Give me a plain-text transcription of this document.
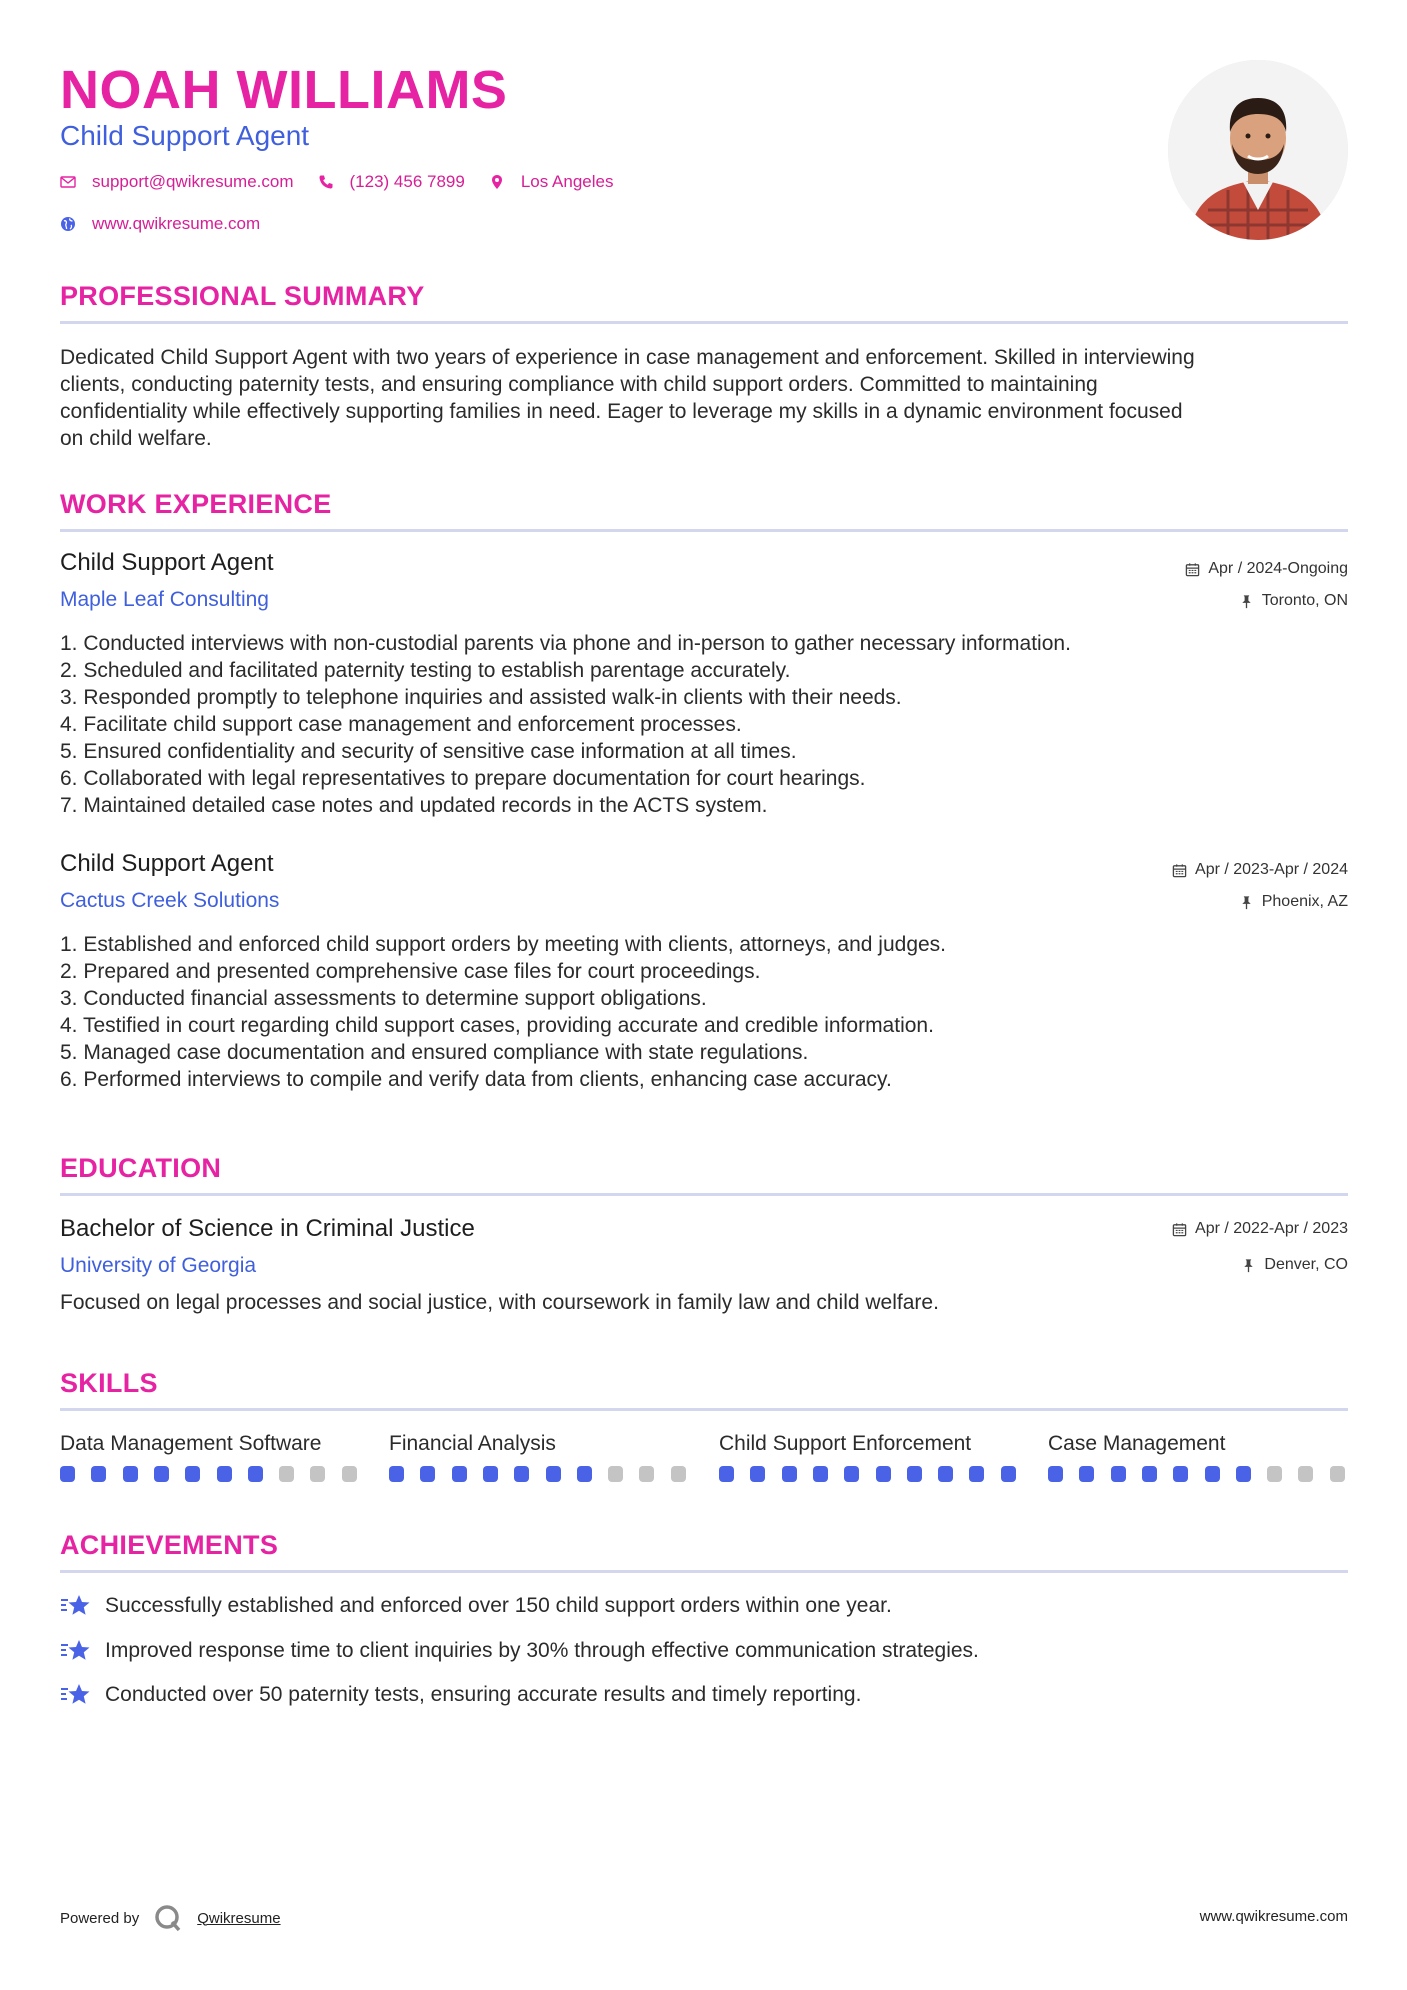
NOAH WILLIAMS
Child Support Agent
support@qwikresume.com	(123) 456 7899	Los Angeles
www.qwikresume.com
PROFESSIONAL SUMMARY
Dedicated Child Support Agent with two years of experience in case management and enforcement. Skilled in interviewing
clients, conducting paternity tests, and ensuring compliance with child support orders. Committed to maintaining
confidentiality while effectively supporting families in need. Eager to leverage my skills in a dynamic environment focused
on child welfare.
WORK EXPERIENCE
Child Support Agent
Maple Leaf Consulting
Apr / 2024-Ongoing
Toronto, ON
1. Conducted interviews with non-custodial parents via phone and in-person to gather necessary information.
2. Scheduled and facilitated paternity testing to establish parentage accurately.
3. Responded promptly to telephone inquiries and assisted walk-in clients with their needs.
4. Facilitate child support case management and enforcement processes.
5. Ensured confidentiality and security of sensitive case information at all times.
6. Collaborated with legal representatives to prepare documentation for court hearings.
7. Maintained detailed case notes and updated records in the ACTS system.
Child Support Agent
Cactus Creek Solutions
Apr / 2023-Apr / 2024
Phoenix, AZ
1. Established and enforced child support orders by meeting with clients, attorneys, and judges.
2. Prepared and presented comprehensive case files for court proceedings.
3. Conducted financial assessments to determine support obligations.
4. Testified in court regarding child support cases, providing accurate and credible information.
5. Managed case documentation and ensured compliance with state regulations.
6. Performed interviews to compile and verify data from clients, enhancing case accuracy.
EDUCATION
Bachelor of Science in Criminal Justice
University of Georgia
Apr / 2022-Apr / 2023
Denver, CO
Focused on legal processes and social justice, with coursework in family law and child welfare.
SKILLS
Data Management Software	Financial Analysis	Child Support Enforcement	Case Management
ACHIEVEMENTS
Successfully established and enforced over 150 child support orders within one year.
Improved response time to client inquiries by 30% through effective communication strategies.
Conducted over 50 paternity tests, ensuring accurate results and timely reporting.
Powered by	Qwikresume	www.qwikresume.com
